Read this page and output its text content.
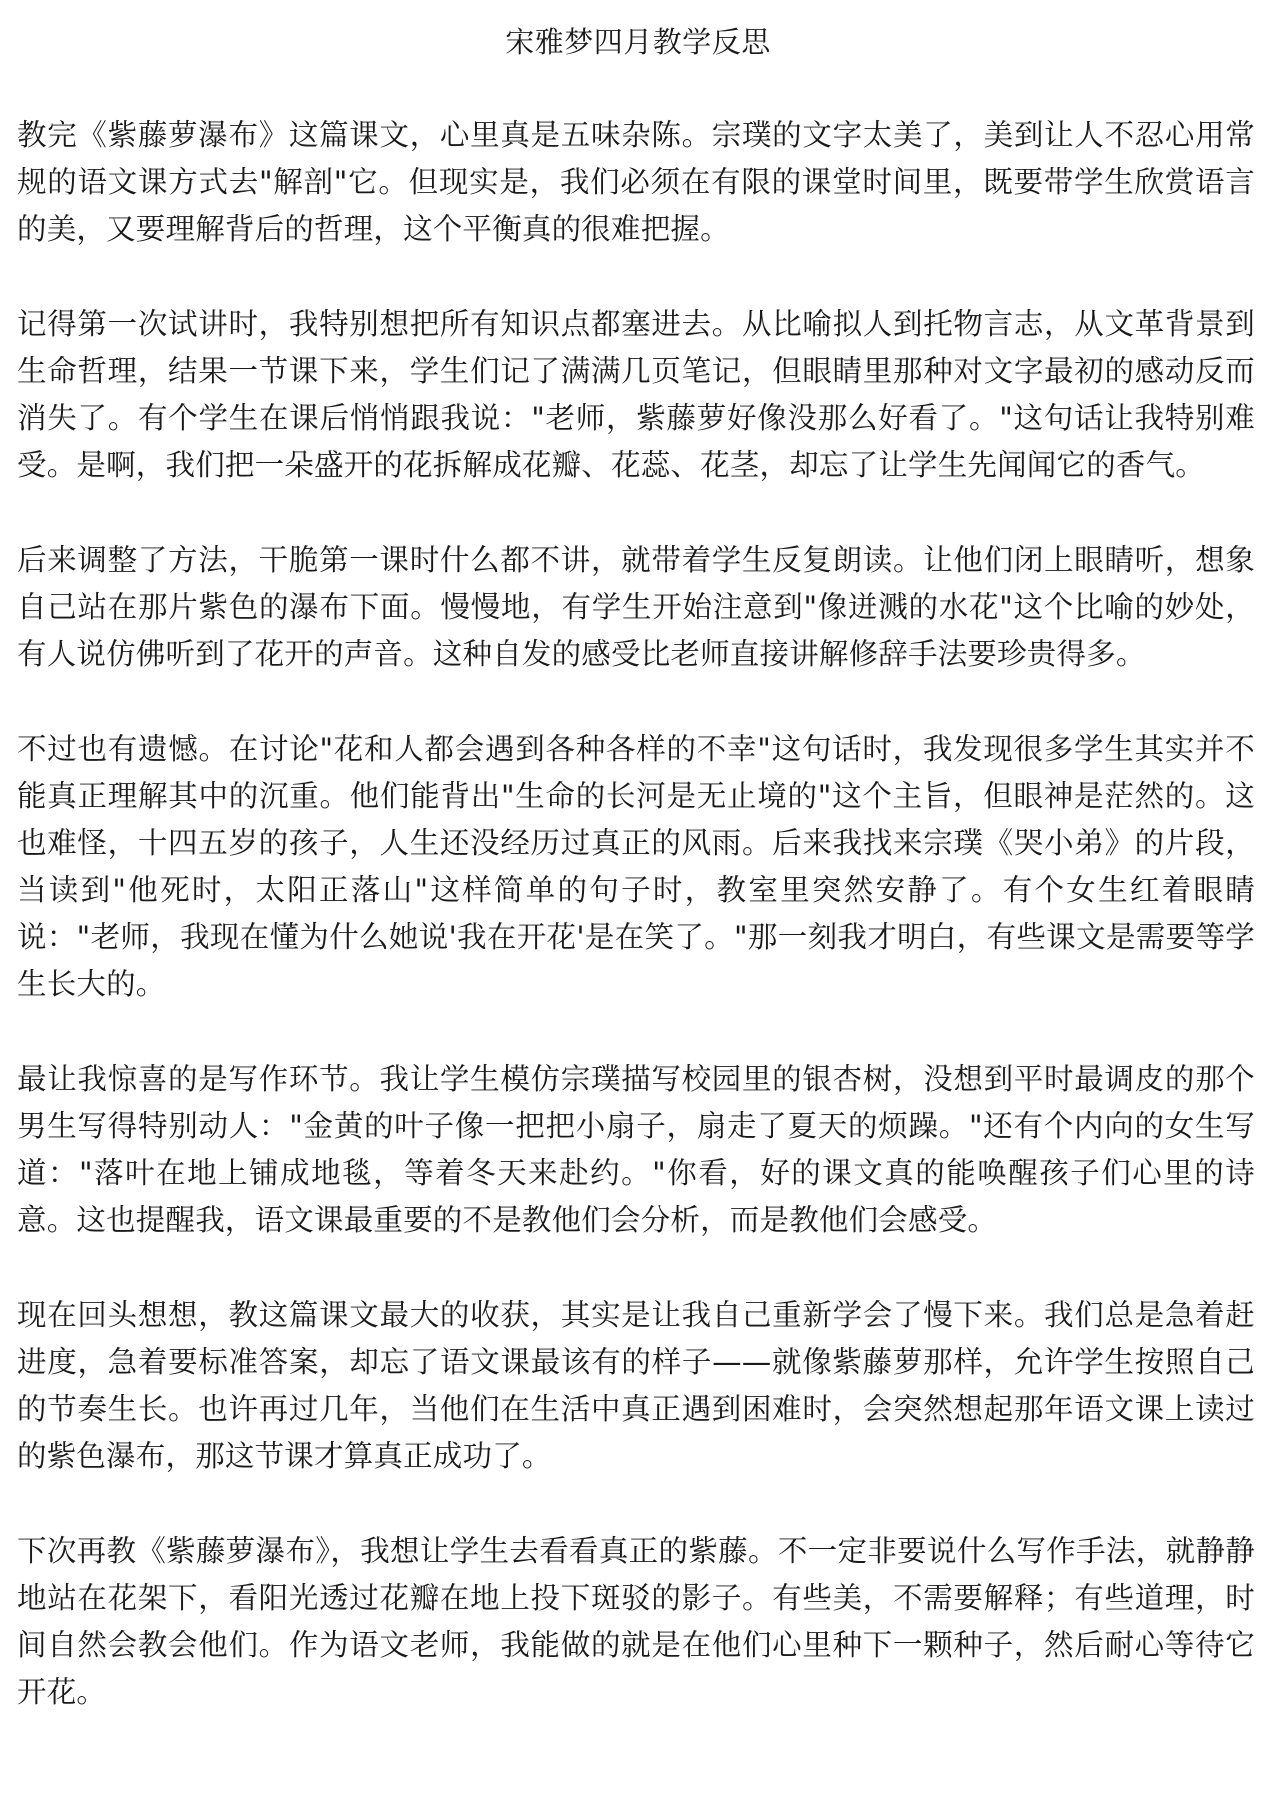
宋雅梦四月教学反思

教完《紫藤萝瀑布》这篇课文，心里真是五味杂陈。宗璞的文字太美了，美到让人不忍心用常规的语文课方式去"解剖"它。但现实是，我们必须在有限的课堂时间里，既要带学生欣赏语言的美，又要理解背后的哲理，这个平衡真的很难把握。

记得第一次试讲时，我特别想把所有知识点都塞进去。从比喻拟人到托物言志，从文革背景到生命哲理，结果一节课下来，学生们记了满满几页笔记，但眼睛里那种对文字最初的感动反而消失了。有个学生在课后悄悄跟我说："老师，紫藤萝好像没那么好看了。"这句话让我特别难受。是啊，我们把一朵盛开的花拆解成花瓣、花蕊、花茎，却忘了让学生先闻闻它的香气。

后来调整了方法，干脆第一课时什么都不讲，就带着学生反复朗读。让他们闭上眼睛听，想象自己站在那片紫色的瀑布下面。慢慢地，有学生开始注意到"像迸溅的水花"这个比喻的妙处，有人说仿佛听到了花开的声音。这种自发的感受比老师直接讲解修辞手法要珍贵得多。

不过也有遗憾。在讨论"花和人都会遇到各种各样的不幸"这句话时，我发现很多学生其实并不能真正理解其中的沉重。他们能背出"生命的长河是无止境的"这个主旨，但眼神是茫然的。这也难怪，十四五岁的孩子，人生还没经历过真正的风雨。后来我找来宗璞《哭小弟》的片段，当读到"他死时，太阳正落山"这样简单的句子时，教室里突然安静了。有个女生红着眼睛说："老师，我现在懂为什么她说'我在开花'是在笑了。"那一刻我才明白，有些课文是需要等学生长大的。

最让我惊喜的是写作环节。我让学生模仿宗璞描写校园里的银杏树，没想到平时最调皮的那个男生写得特别动人："金黄的叶子像一把把小扇子，扇走了夏天的烦躁。"还有个内向的女生写道："落叶在地上铺成地毯，等着冬天来赴约。"你看，好的课文真的能唤醒孩子们心里的诗意。这也提醒我，语文课最重要的不是教他们会分析，而是教他们会感受。

现在回头想想，教这篇课文最大的收获，其实是让我自己重新学会了慢下来。我们总是急着赶进度，急着要标准答案，却忘了语文课最该有的样子——就像紫藤萝那样，允许学生按照自己的节奏生长。也许再过几年，当他们在生活中真正遇到困难时，会突然想起那年语文课上读过的紫色瀑布，那这节课才算真正成功了。

下次再教《紫藤萝瀑布》，我想让学生去看看真正的紫藤。不一定非要说什么写作手法，就静静地站在花架下，看阳光透过花瓣在地上投下斑驳的影子。有些美，不需要解释；有些道理，时间自然会教会他们。作为语文老师，我能做的就是在他们心里种下一颗种子，然后耐心等待它开花。
